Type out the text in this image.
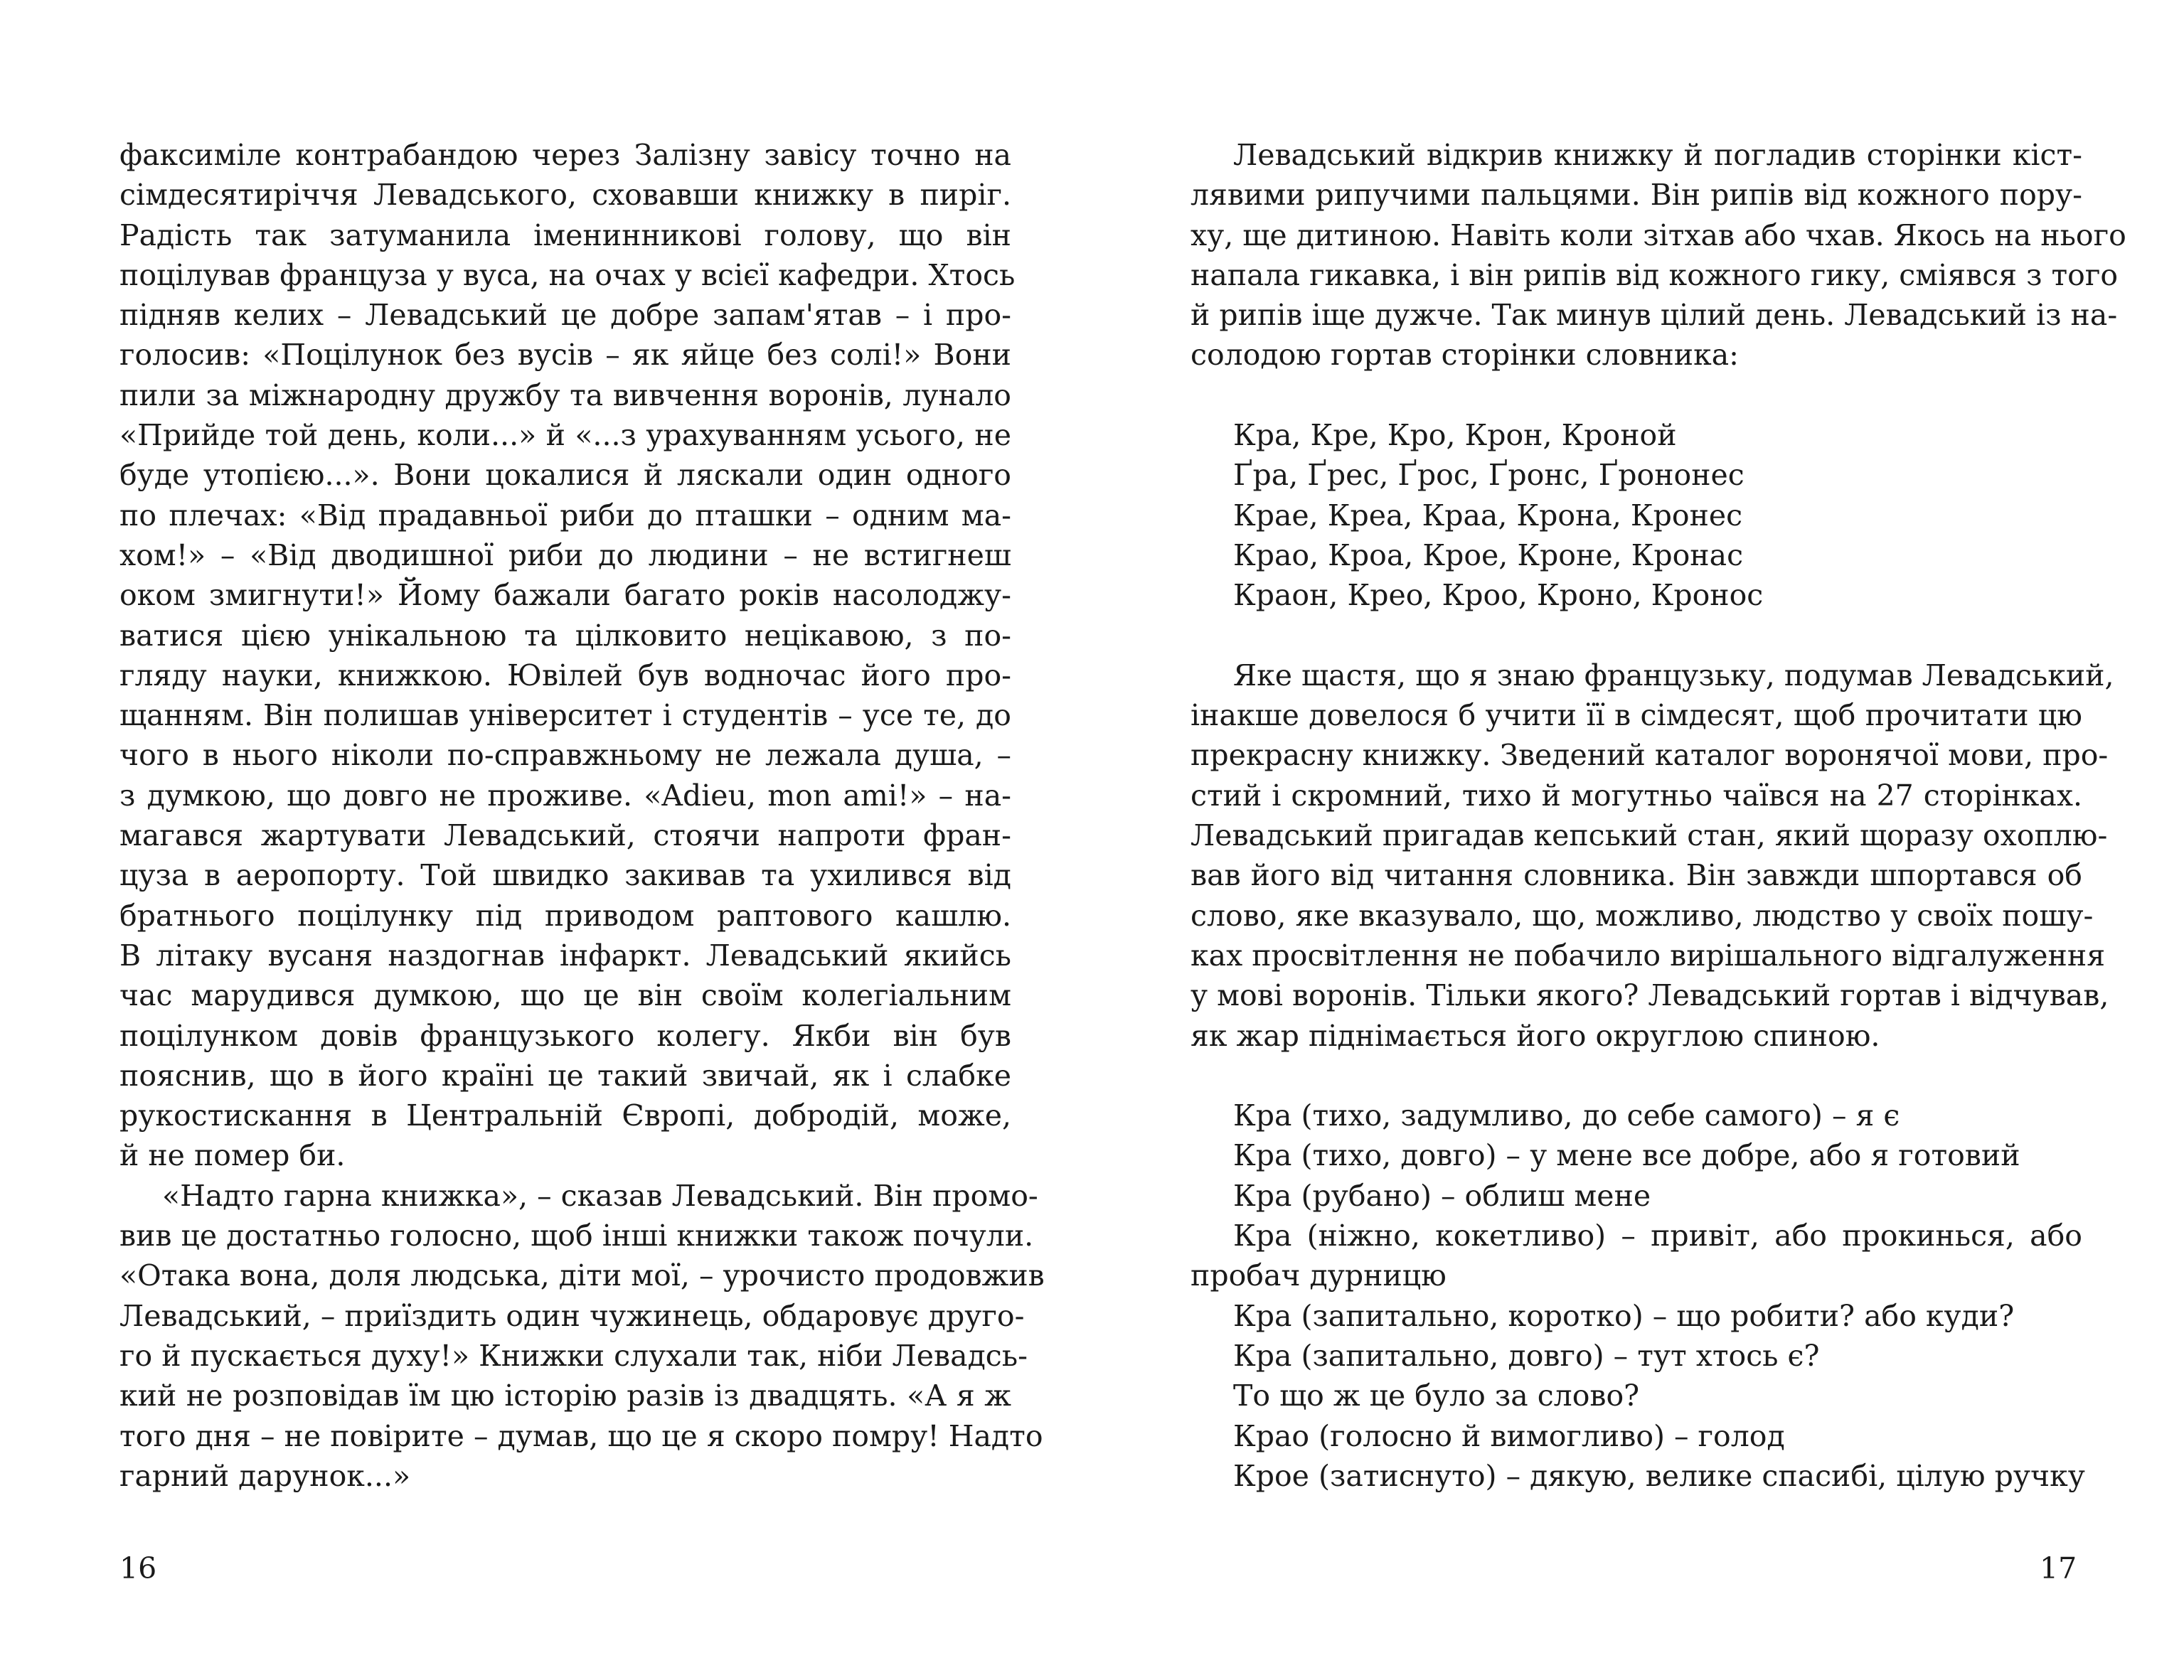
факсиміле контрабандою через Залізну завісу точно на
сімдесятиріччя Левадського, сховавши книжку в пиріг.
Радість так затуманила іменинникові голову, що він
поцілував француза у вуса, на очах у всієї кафедри. Хтось
підняв келих – Левадський це добре запам'ятав – і про-
голосив: «Поцілунок без вусів – як яйце без солі!» Вони
пили за міжнародну дружбу та вивчення воронів, лунало
«Прийде той день, коли...» й «...з урахуванням усього, не
буде утопією...». Вони цокалися й ляскали один одного
по плечах: «Від прадавньої риби до пташки – одним ма-
хом!» – «Від дводишної риби до людини – не встигнеш
оком змигнути!» Йому бажали багато років насолоджу-
ватися цією унікальною та цілковито нецікавою, з по-
гляду науки, книжкою. Ювілей був водночас його про-
щанням. Він полишав університет і студентів – усе те, до
чого в нього ніколи по-справжньому не лежала душа, –
з думкою, що довго не проживе. «Adieu, mon ami!» – на-
магався жартувати Левадський, стоячи напроти фран-
цуза в аеропорту. Той швидко закивав та ухилився від
братнього поцілунку під приводом раптового кашлю.
В літаку вусаня наздогнав інфаркт. Левадський якийсь
час марудився думкою, що це він своїм колегіальним
поцілунком довів французького колегу. Якби він був
пояснив, що в його країні це такий звичай, як і слабке
рукостискання в Центральній Європі, добродій, може,
й не помер би.
«Надто гарна книжка», – сказав Левадський. Він промо-
вив це достатньо голосно, щоб інші книжки також почули.
«Отака вона, доля людська, діти мої, – урочисто продовжив
Левадський, – приїздить один чужинець, обдаровує друго-
го й пускається духу!» Книжки слухали так, ніби Левадсь-
кий не розповідав їм цю історію разів із двадцять. «А я ж
того дня – не повірите – думав, що це я скоро помру! Надто
гарний дарунок...»
Левадський відкрив книжку й погладив сторінки кіст-
лявими рипучими пальцями. Він рипів від кожного пору-
ху, ще дитиною. Навіть коли зітхав або чхав. Якось на нього
напала гикавка, і він рипів від кожного гику, сміявся з того
й рипів іще дужче. Так минув цілий день. Левадський із на-
солодою гортав сторінки словника:
Кра, Кре, Кро, Крон, Кроной
Ґра, Ґрес, Ґрос, Ґронс, Ґрононес
Крае, Креа, Краа, Крона, Кронес
Крао, Кроа, Крое, Кроне, Кронас
Краон, Крео, Кроо, Кроно, Кронос
Яке щастя, що я знаю французьку, подумав Левадський,
інакше довелося б учити її в сімдесят, щоб прочитати цю
прекрасну книжку. Зведений каталог воронячої мови, про-
стий і скромний, тихо й могутньо чаївся на 27 сторінках.
Левадський пригадав кепський стан, який щоразу охоплю-
вав його від читання словника. Він завжди шпортався об
слово, яке вказувало, що, можливо, людство у своїх пошу-
ках просвітлення не побачило вирішального відгалуження
у мові воронів. Тільки якого? Левадський гортав і відчував,
як жар піднімається його округлою спиною.
Кра (тихо, задумливо, до себе самого) – я є
Кра (тихо, довго) – у мене все добре, або я готовий
Кра (рубано) – облиш мене
Кра (ніжно, кокетливо) – привіт, або прокинься, або
пробач дурницю
Кра (запитально, коротко) – що робити? або куди?
Кра (запитально, довго) – тут хтось є?
То що ж це було за слово?
Крао (голосно й вимогливо) – голод
Крое (затиснуто) – дякую, велике спасибі, цілую ручку
16	17
